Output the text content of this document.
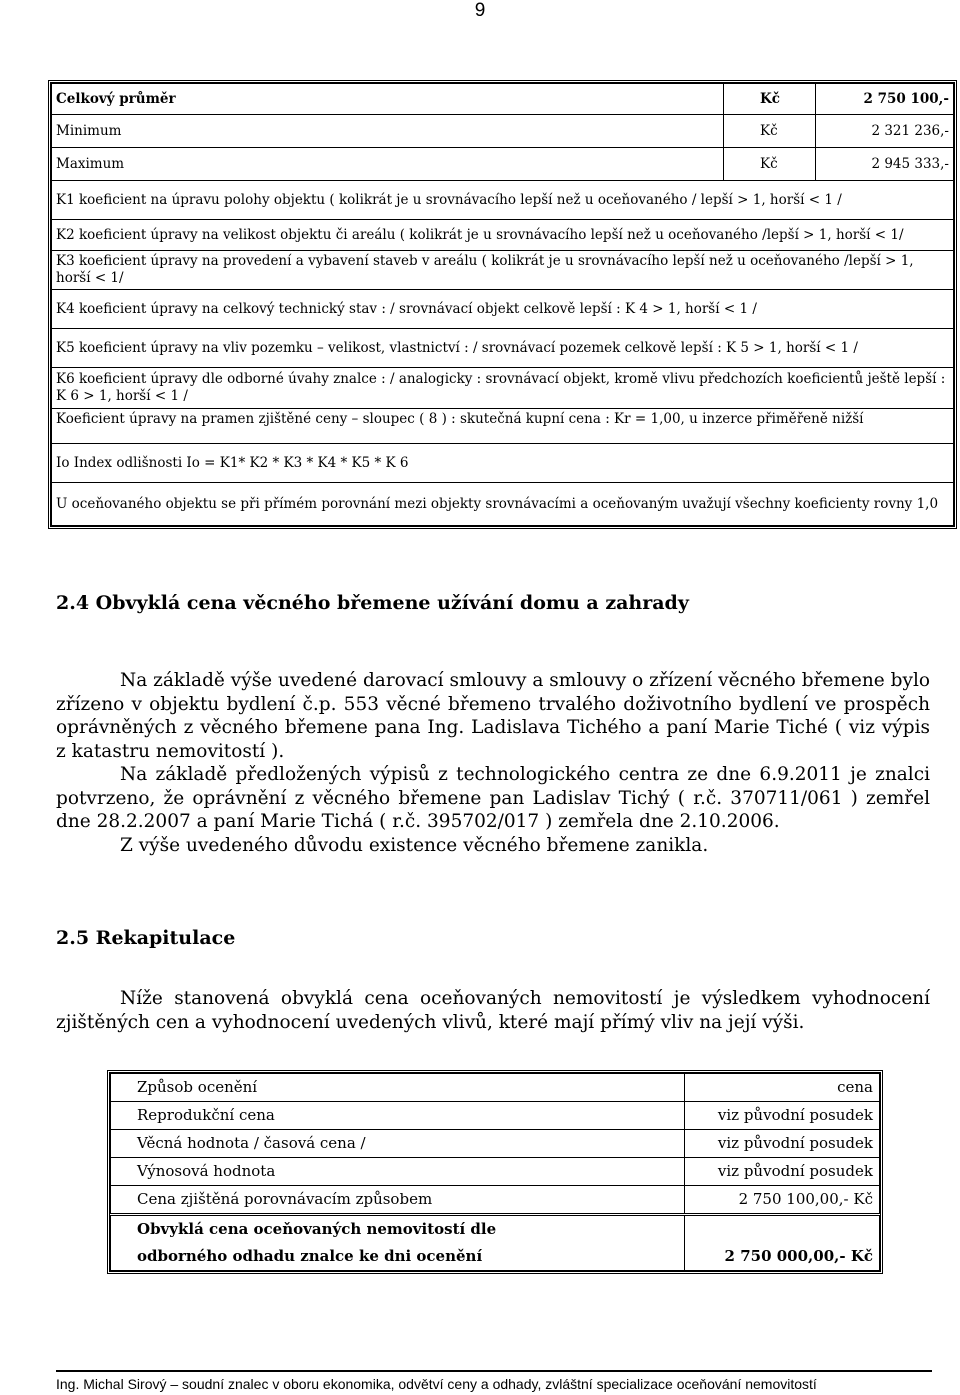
9
Celkový průměr	Kč	2 750 100,-
Minimum	Kč	2 321 236,-
Maximum	Kč	2 945 333,-
K1 koeficient na úpravu polohy objektu ( kolikrát je u srovnávacího lepší než u oceňovaného / lepší > 1, horší < 1 /		
K2 koeficient úpravy na velikost objektu či areálu ( kolikrát je u srovnávacího lepší než u oceňovaného /lepší > 1, horší < 1/		
K3 koeficient úpravy na provedení a vybavení staveb v areálu ( kolikrát je u srovnávacího lepší než u oceňovaného /lepší > 1, horší < 1/		
K4 koeficient úpravy na celkový technický stav : / srovnávací objekt celkově lepší : K 4 > 1, horší < 1 /		
K5 koeficient úpravy na vliv pozemku – velikost, vlastnictví : / srovnávací pozemek celkově lepší : K 5 > 1, horší < 1 /		
K6 koeficient úpravy dle odborné úvahy znalce : / analogicky : srovnávací objekt, kromě vlivu předchozích koeficientů ještě lepší : K 6 > 1, horší < 1 /		
Koeficient úpravy na pramen zjištěné ceny – sloupec ( 8 ) : skutečná kupní cena : Kr = 1,00, u inzerce přiměřeně nižší		
Io Index odlišnosti Io = K1* K2 * K3 * K4 * K5 * K 6		
U oceňovaného objektu se při přímém porovnání mezi objekty srovnávacími a oceňovaným uvažují všechny koeficienty rovny 1,0		
2.4 Obvyklá cena věcného břemene užívání domu a zahrady

Na základě výše uvedené darovací smlouvy a smlouvy o zřízení věcného břemene bylo zřízeno v objektu bydlení č.p. 553 věcné břemeno trvalého doživotního bydlení ve prospěch oprávněných z věcného břemene pana Ing. Ladislava Tichého a paní Marie Tiché ( viz výpis z katastru nemovitostí ).

Na základě předložených výpisů z technologického centra ze dne 6.9.2011 je znalci potvrzeno, že oprávnění z věcného břemene pan Ladislav Tichý ( r.č. 370711/061 ) zemřel dne 28.2.2007 a paní Marie Tichá ( r.č. 395702/017 ) zemřela dne 2.10.2006.

Z výše uvedeného důvodu existence věcného břemene zanikla.

2.5 Rekapitulace

Níže stanovená obvyklá cena oceňovaných nemovitostí je výsledkem vyhodnocení zjištěných cen a vyhodnocení uvedených vlivů, které mají přímý vliv na její výši.

Způsob ocenění	cena
Reprodukční cena	viz původní posudek
Věcná hodnota / časová cena /	viz původní posudek
Výnosová hodnota	viz původní posudek
Cena zjištěná porovnávacím způsobem	2 750 100,00,- Kč
Obvyklá cena oceňovaných nemovitostí dle odborného odhadu znalce ke dni ocenění	2 750 000,00,- Kč
Ing. Michal Sirový – soudní znalec v oboru ekonomika, odvětví ceny a odhady, zvláštní specializace oceňování nemovitostí
